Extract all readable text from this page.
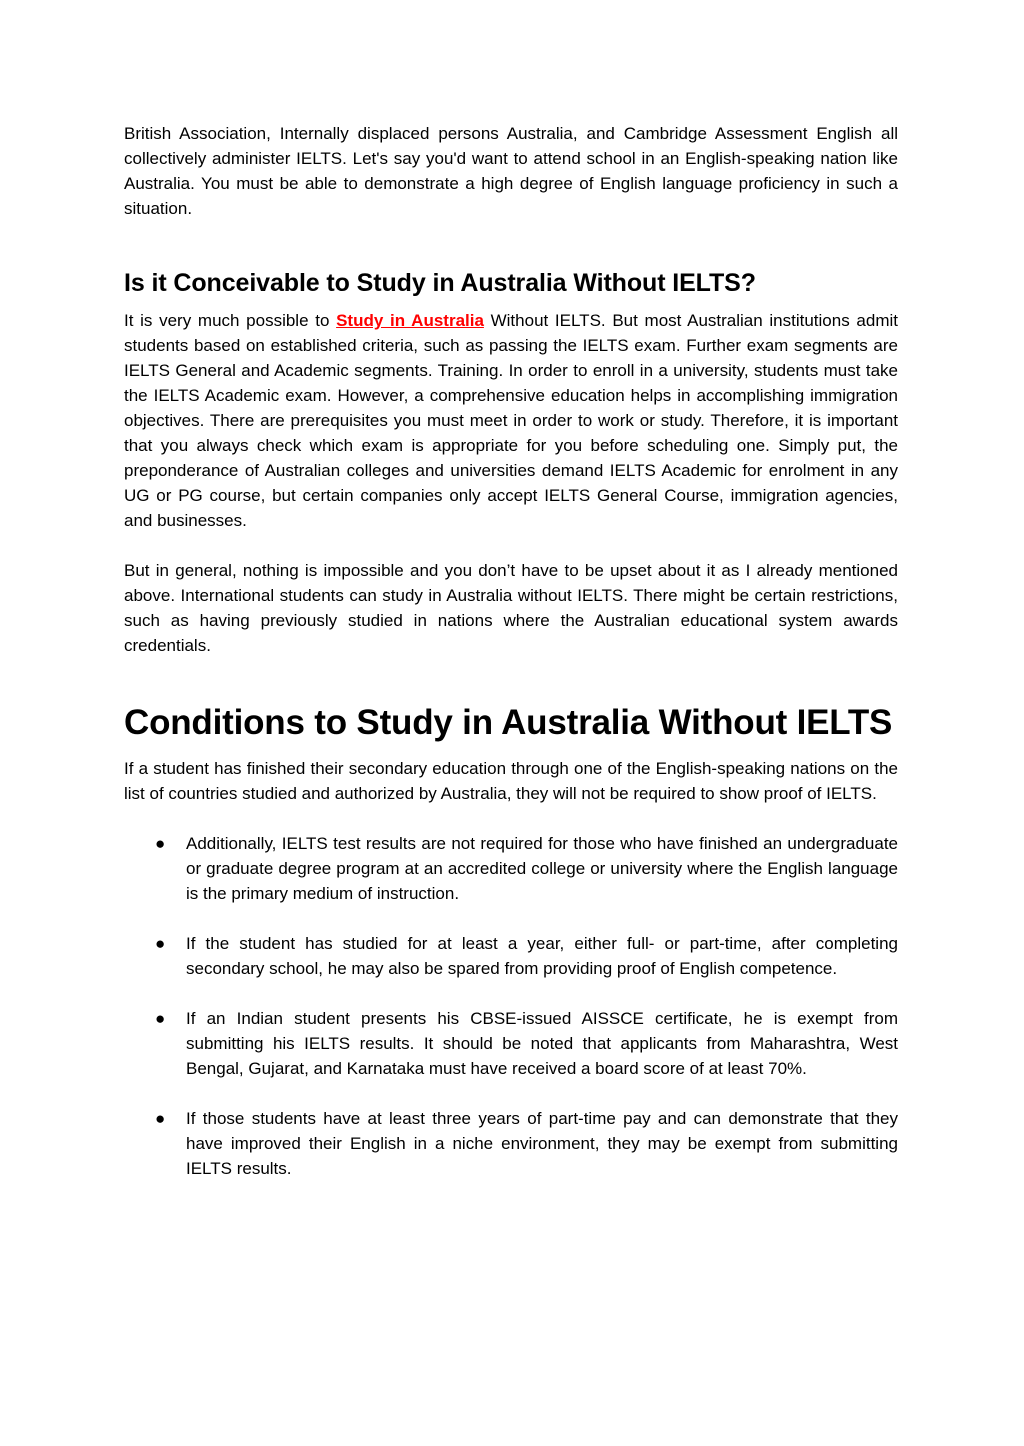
British Association, Internally displaced persons Australia, and Cambridge Assessment English all collectively administer IELTS. Let's say you'd want to attend school in an English-speaking nation like Australia. You must be able to demonstrate a high degree of English language proficiency in such a situation.

Is it Conceivable to Study in Australia Without IELTS?

It is very much possible to Study in Australia Without IELTS. But most Australian institutions admit students based on established criteria, such as passing the IELTS exam. Further exam segments are IELTS General and Academic segments. Training. In order to enroll in a university, students must take the IELTS Academic exam. However, a comprehensive education helps in accomplishing immigration objectives. There are prerequisites you must meet in order to work or study. Therefore, it is important that you always check which exam is appropriate for you before scheduling one. Simply put, the preponderance of Australian colleges and universities demand IELTS Academic for enrolment in any UG or PG course, but certain companies only accept IELTS General Course, immigration agencies, and businesses.

But in general, nothing is impossible and you don’t have to be upset about it as I already mentioned above. International students can study in Australia without IELTS. There might be certain restrictions, such as having previously studied in nations where the Australian educational system awards credentials.

Conditions to Study in Australia Without IELTS

If a student has finished their secondary education through one of the English-speaking nations on the list of countries studied and authorized by Australia, they will not be required to show proof of IELTS.

● Additionally, IELTS test results are not required for those who have finished an undergraduate or graduate degree program at an accredited college or university where the English language is the primary medium of instruction.

● If the student has studied for at least a year, either full- or part-time, after completing secondary school, he may also be spared from providing proof of English competence.

● If an Indian student presents his CBSE-issued AISSCE certificate, he is exempt from submitting his IELTS results. It should be noted that applicants from Maharashtra, West Bengal, Gujarat, and Karnataka must have received a board score of at least 70%.

● If those students have at least three years of part-time pay and can demonstrate that they have improved their English in a niche environment, they may be exempt from submitting IELTS results.
